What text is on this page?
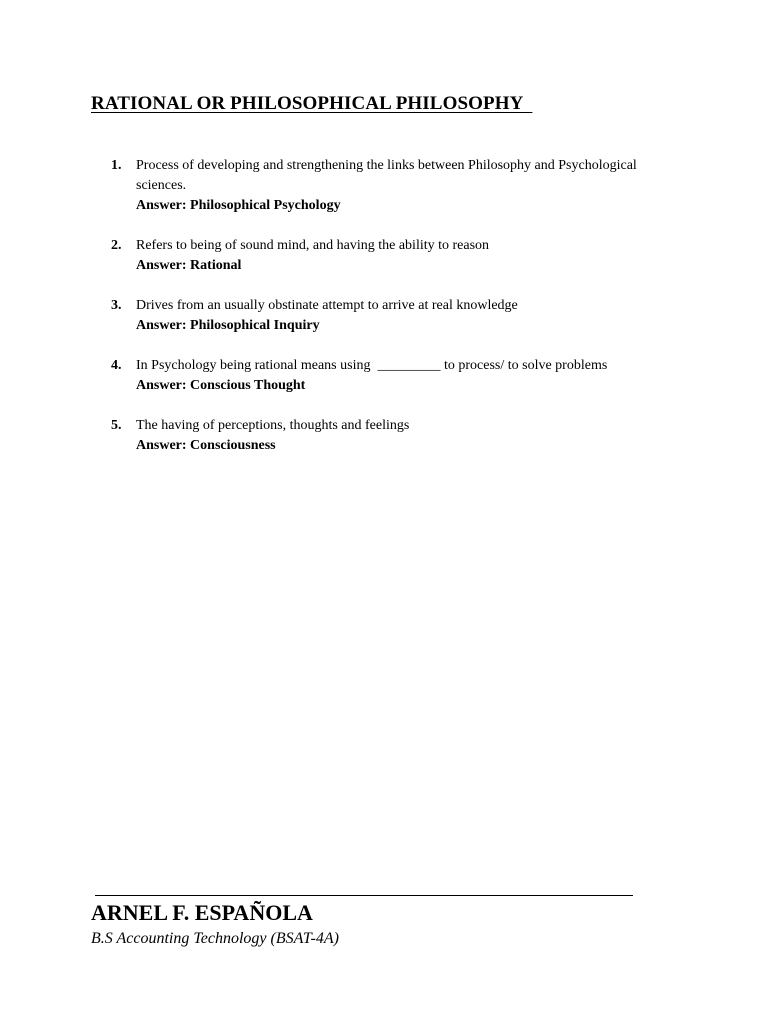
RATIONAL OR PHILOSOPHICAL PHILOSOPHY
1. Process of developing and strengthening the links between Philosophy and Psychological sciences.
Answer: Philosophical Psychology
2. Refers to being of sound mind, and having the ability to reason
Answer: Rational
3. Drives from an usually obstinate attempt to arrive at real knowledge
Answer: Philosophical Inquiry
4. In Psychology being rational means using  _________ to process/ to solve problems
Answer: Conscious Thought
5. The having of perceptions, thoughts and feelings
Answer: Consciousness

ARNEL F. ESPAÑOLA

B.S Accounting Technology (BSAT-4A)
